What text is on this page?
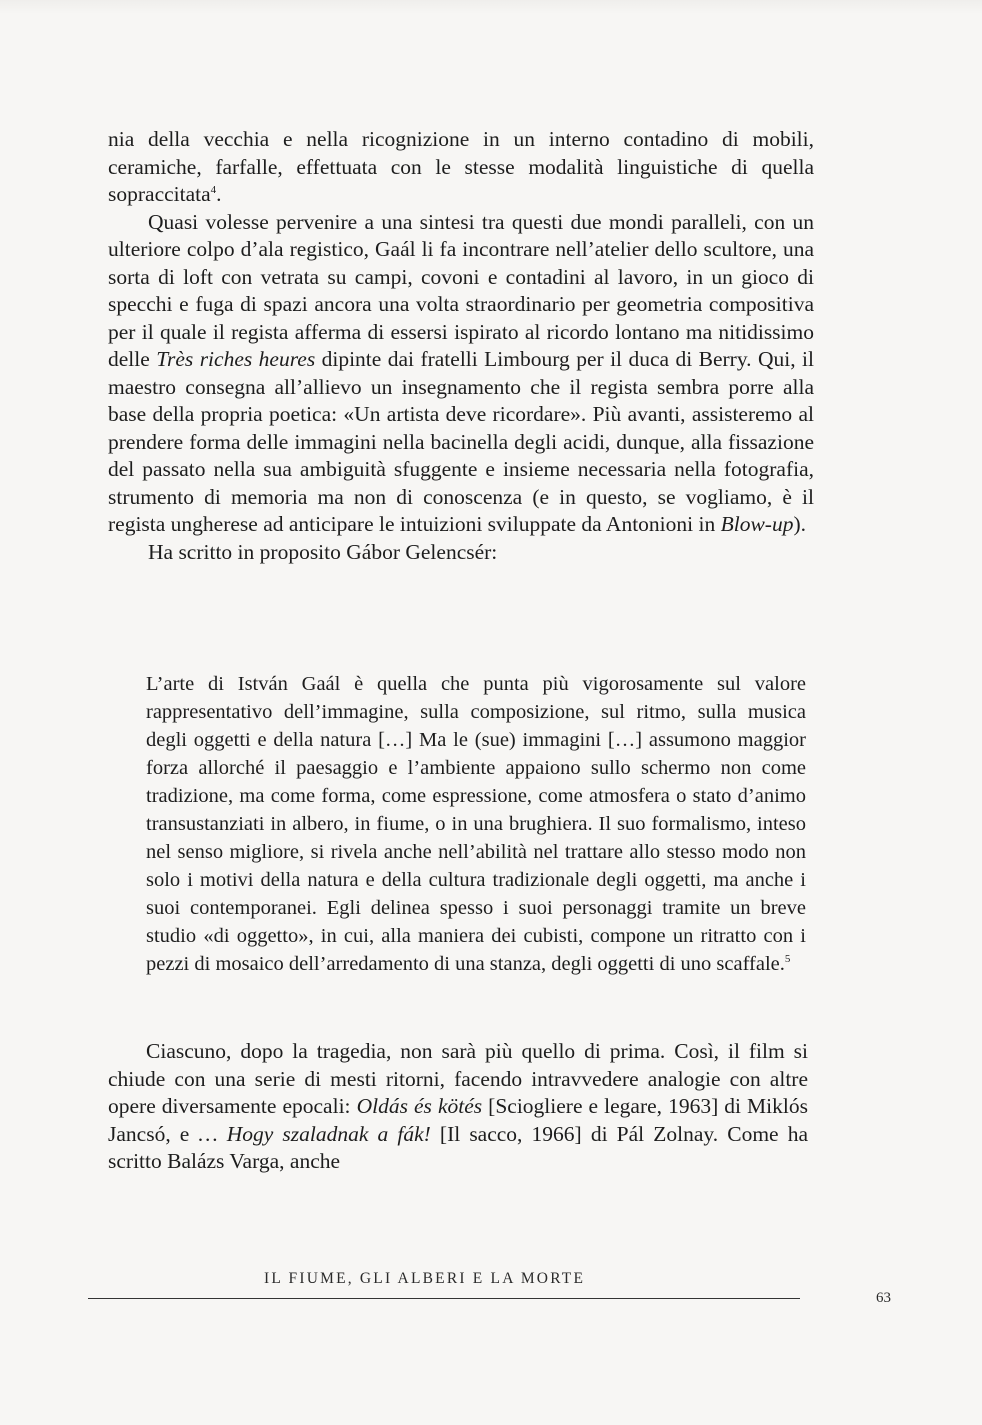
nia della vecchia e nella ricognizione in un interno contadino di mobili, ceramiche, farfalle, effettuata con le stesse modalità linguistiche di quella sopraccitata$^4$.

Quasi volesse pervenire a una sintesi tra questi due mondi paralleli, con un ulteriore colpo d’ala registico, Gaál li fa incontrare nell’atelier dello scultore, una sorta di loft con vetrata su campi, covoni e contadini al lavoro, in un gioco di specchi e fuga di spazi ancora una volta straordinario per geometria compositiva per il quale il regista afferma di essersi ispirato al ricordo lontano ma nitidissimo delle Très riches heures dipinte dai fratelli Limbourg per il duca di Berry. Qui, il maestro consegna all’allievo un insegnamento che il regista sembra porre alla base della propria poetica: «Un artista deve ricordare». Più avanti, assisteremo al prendere forma delle immagini nella bacinella degli acidi, dunque, alla fissazione del passato nella sua ambiguità sfuggente e insieme necessaria nella fotografia, strumento di memoria ma non di conoscenza (e in questo, se vogliamo, è il regista ungherese ad anticipare le intuizioni sviluppate da Antonioni in Blow-up).

Ha scritto in proposito Gábor Gelencsér:

L’arte di István Gaál è quella che punta più vigorosamente sul valore rappresentativo dell’immagine, sulla composizione, sul ritmo, sulla musica degli oggetti e della natura […] Ma le (sue) immagini […] assumono maggior forza allorché il paesaggio e l’ambiente appaiono sullo schermo non come tradizione, ma come forma, come espressione, come atmosfera o stato d’animo transustanziati in albero, in fiume, o in una brughiera. Il suo formalismo, inteso nel senso migliore, si rivela anche nell’abilità nel trattare allo stesso modo non solo i motivi della natura e della cultura tradizionale degli oggetti, ma anche i suoi contemporanei. Egli delinea spesso i suoi personaggi tramite un breve studio «di oggetto», in cui, alla maniera dei cubisti, compone un ritratto con i pezzi di mosaico dell’arredamento di una stanza, degli oggetti di uno scaffale.$^5$

Ciascuno, dopo la tragedia, non sarà più quello di prima. Così, il film si chiude con una serie di mesti ritorni, facendo intravvedere analogie con altre opere diversamente epocali: Oldás és kötés [Sciogliere e legare, 1963] di Miklós Jancsó, e … Hogy szaladnak a fák! [Il sacco, 1966] di Pál Zolnay. Come ha scritto Balázs Varga, anche

IL FIUME, GLI ALBERI E LA MORTE
63
